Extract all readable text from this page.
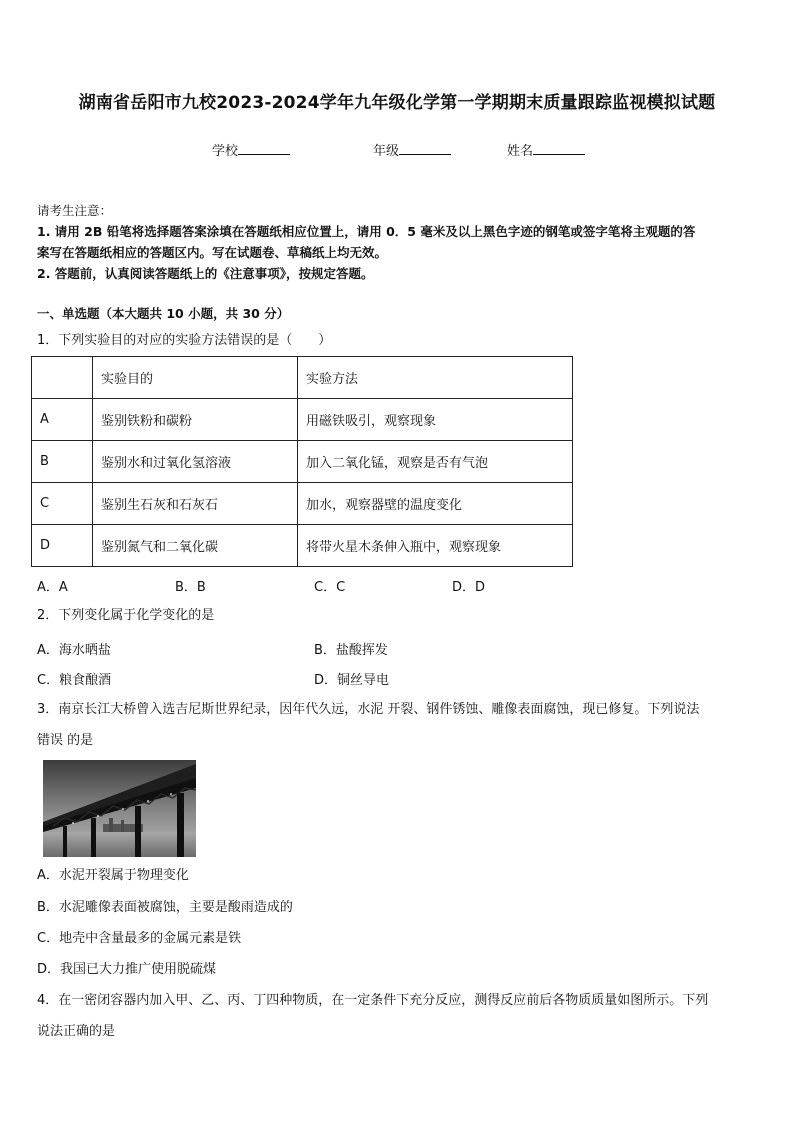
湖南省岳阳市九校2023-2024学年九年级化学第一学期期末质量跟踪监视模拟试题
学校	年级	姓名
请考生注意：
1. 请用 2B 铅笔将选择题答案涂填在答题纸相应位置上，请用 0．5 毫米及以上黑色字迹的钢笔或签字笔将主观题的答
案写在答题纸相应的答题区内。写在试题卷、草稿纸上均无效。
2. 答题前，认真阅读答题纸上的《注意事项》，按规定答题。
一、单选题（本大题共 10 小题，共 30 分）
1．下列实验目的对应的实验方法错误的是（　　）
	实验目的	实验方法
A	鉴别铁粉和碳粉	用磁铁吸引，观察现象
B	鉴别水和过氧化氢溶液	加入二氧化锰，观察是否有气泡
C	鉴别生石灰和石灰石	加水，观察器壁的温度变化
D	鉴别氮气和二氧化碳	将带火星木条伸入瓶中，观察现象
A．A	B．B	C．C	D．D
2．下列变化属于化学变化的是
A．海水晒盐	B．盐酸挥发
C．粮食酿酒	D．铜丝导电
3．南京长江大桥曾入选吉尼斯世界纪录，因年代久远，水泥 开裂、钢件锈蚀、雕像表面腐蚀，现已修复。下列说法
错误 的是
A．水泥开裂属于物理变化
B．水泥雕像表面被腐蚀，主要是酸雨造成的
C．地壳中含量最多的金属元素是铁
D．我国已大力推广使用脱硫煤
4．在一密闭容器内加入甲、乙、丙、丁四种物质，在一定条件下充分反应，测得反应前后各物质质量如图所示。下列
说法正确的是
